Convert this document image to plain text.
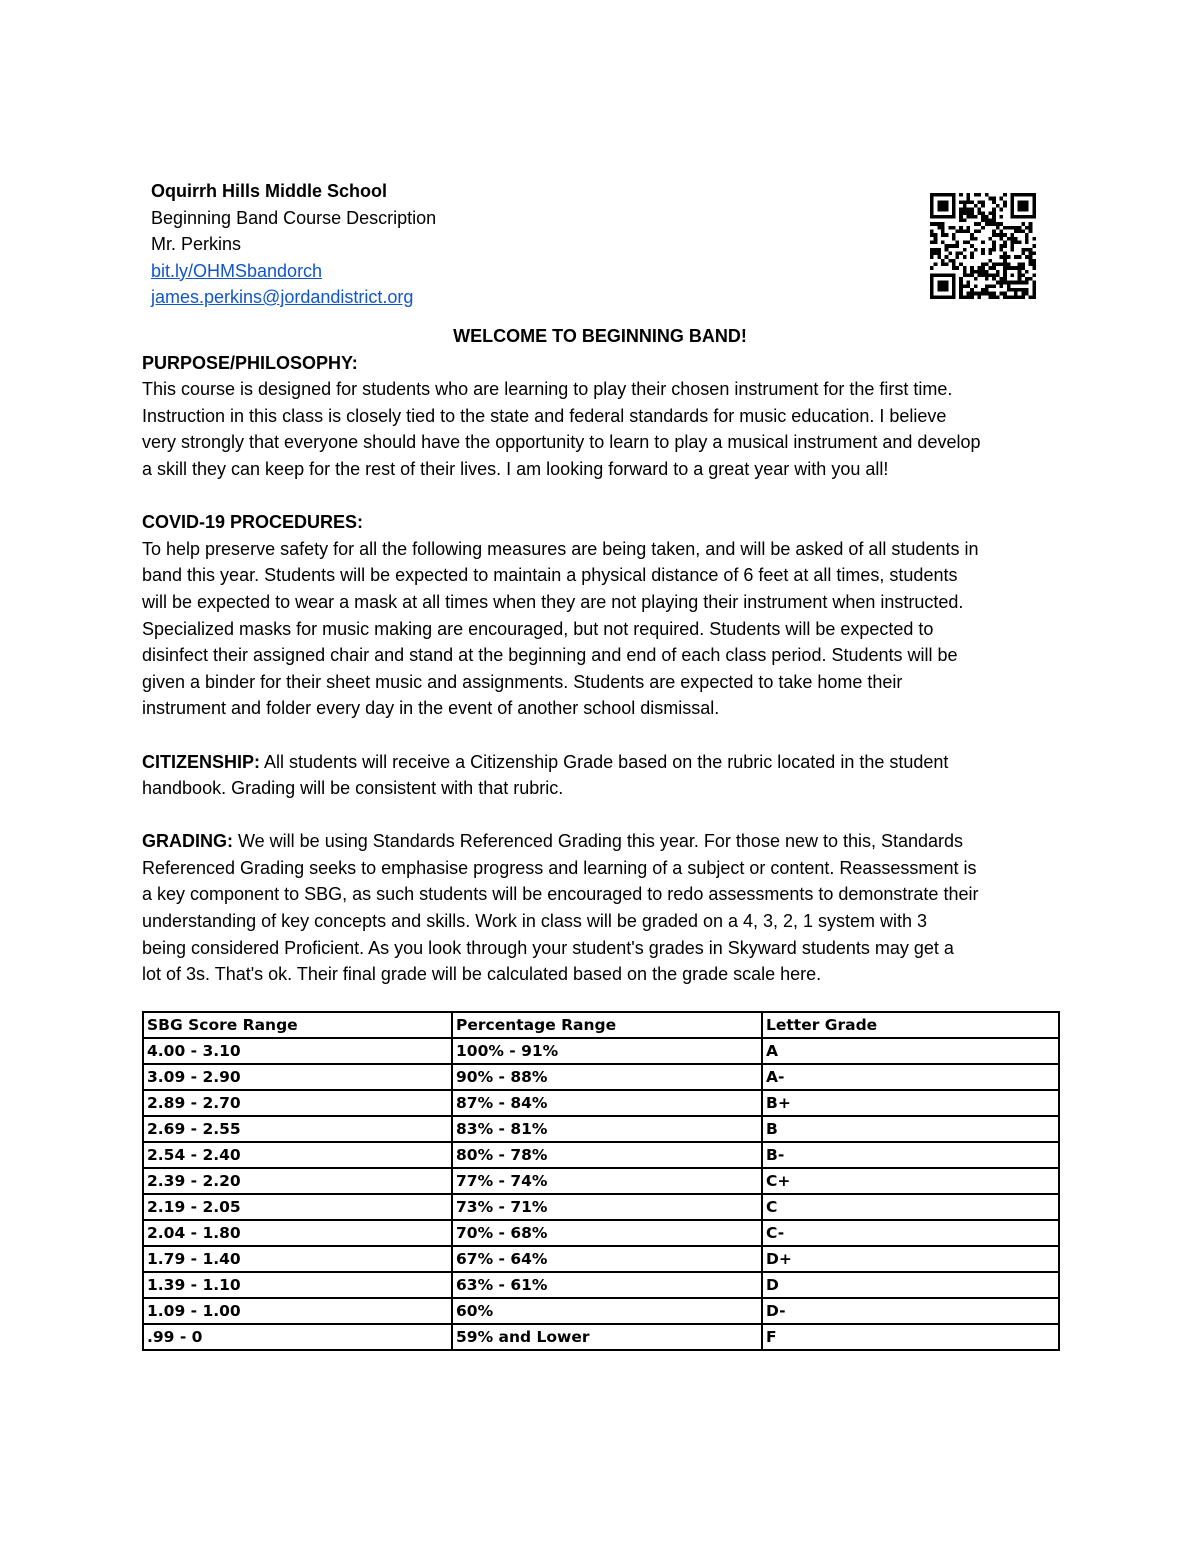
Oquirrh Hills Middle School
Beginning Band Course Description
Mr. Perkins
bit.ly/OHMSbandorch
james.perkins@jordandistrict.org
WELCOME TO BEGINNING BAND!
PURPOSE/PHILOSOPHY:

This course is designed for students who are learning to play their chosen instrument for the first time.

Instruction in this class is closely tied to the state and federal standards for music education. I believe

very strongly that everyone should have the opportunity to learn to play a musical instrument and develop

a skill they can keep for the rest of their lives. I am looking forward to a great year with you all!

COVID-19 PROCEDURES:

To help preserve safety for all the following measures are being taken, and will be asked of all students in

band this year. Students will be expected to maintain a physical distance of 6 feet at all times, students

will be expected to wear a mask at all times when they are not playing their instrument when instructed.

Specialized masks for music making are encouraged, but not required. Students will be expected to

disinfect their assigned chair and stand at the beginning and end of each class period. Students will be

given a binder for their sheet music and assignments. Students are expected to take home their

instrument and folder every day in the event of another school dismissal.

CITIZENSHIP: All students will receive a Citizenship Grade based on the rubric located in the student

handbook. Grading will be consistent with that rubric.

GRADING: We will be using Standards Referenced Grading this year. For those new to this, Standards

Referenced Grading seeks to emphasise progress and learning of a subject or content. Reassessment is

a key component to SBG, as such students will be encouraged to redo assessments to demonstrate their

understanding of key concepts and skills. Work in class will be graded on a 4, 3, 2, 1 system with 3

being considered Proficient. As you look through your student's grades in Skyward students may get a

lot of 3s. That's ok. Their final grade will be calculated based on the grade scale here.

SBG Score Range	Percentage Range	Letter Grade
4.00 - 3.10	100% - 91%	A
3.09 - 2.90	90% - 88%	A-
2.89 - 2.70	87% - 84%	B+
2.69 - 2.55	83% - 81%	B
2.54 - 2.40	80% - 78%	B-
2.39 - 2.20	77% - 74%	C+
2.19 - 2.05	73% - 71%	C
2.04 - 1.80	70% - 68%	C-
1.79 - 1.40	67% - 64%	D+
1.39 - 1.10	63% - 61%	D
1.09 - 1.00	60%	D-
.99 - 0	59% and Lower	F
